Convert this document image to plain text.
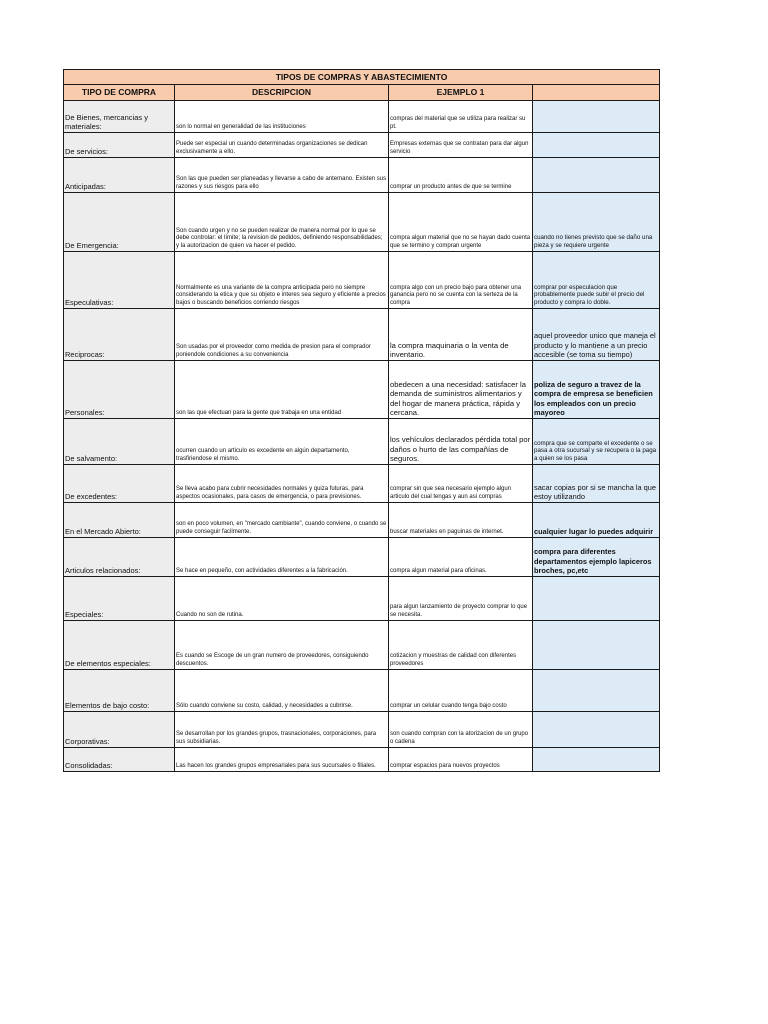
TIPOS DE COMPRAS Y ABASTECIMIENTO			
TIPO DE COMPRA	DESCRIPCION	EJEMPLO 1	
De Bienes, mercancias y materiales:	son lo normal en generalidad de las instituciones	compras del material que se utiliza para realizar su pt.	
De servicios:	Puede ser especial un cuando determinadas organizaciones se dedican exclusivamente a ello.	Empresas externas que se contratan para dar algun servicio	
Anticipadas:	Son las que pueden ser planeadas y llevarse a cabo de antemano. Existen sus razones y sus riesgos para ello	comprar un producto antes de que se termine	
De Emergencia:	Son cuando urgen y no se pueden realizar de manera normal por lo que se debe controlar: el límite; la revision de pedidos, definiendo responsabilidades; y la autorizacion de quien va hacer el pedido.	compra algun material que no se hayan dado cuenta que se termino y compran urgente	cuando no tienes previsto que se daño una pieza y se requiere urgente
Especulativas:	Normalmente es una variante de la compra anticipada pero no siempre considerando la etica y que su objeto e interes sea seguro y eficiente a precios bajos o buscando beneficios corriendo riesgos	compra algo con un precio bajo para obtener una ganancia pero no se cuenta con la serteza de la compra	comprar por especulacion que probablemente puede subir el precio del producto y compra lo doble.
Reciprocas:	Son usadas por el proveedor como medida de presion para el comprador poniendole condiciones a su conveniencia	la compra maquinaria o la venta de inventario.	aquel proveedor unico que maneja el producto y lo mantiene a un precio accesible (se toma su tiempo)
Personales:	son las que efectuan para la gente que trabaja en una entidad	obedecen a una necesidad: satisfacer la demanda de suministros alimentarios y del hogar de manera práctica, rápida y cercana.	poliza de seguro a travez de la compra de empresa se beneficien los empleados con un precio mayoreo
De salvamento:	ocurren cuando un articulo es excedente en algún departamento, trasfiriendose el mismo.	los vehículos declarados pérdida total por daños o hurto de las compañías de seguros.	compra que se comparte el excedente o se pasa a otra sucursal y se recupera o la paga a quien se los pasa
De excedentes:	Se lleva acabo para cubrir necesidades normales y quiza futuras, para aspectos ocasionales, para casos de emergencia, o para previsiones.	comprar sin que sea necesario ejemplo algun articulo del cual tengas y aun asi compras	sacar copias por si se mancha la que estoy utilizando
En el Mercado Abierto:	son en poco volumen, en "mercado cambiante", cuando conviene, o cuando se puede conseguir facilmente.	buscar materiales en paguinas de internet.	cualquier lugar lo puedes adquirir
Articulos relacionados:	Se hace en pequeño, con actividades diferentes a la fabricación.	compra algun material para oficinas.	compra para diferentes departamentos ejemplo lapiceros broches, pc,etc
Especiales:	Cuando no son de rutina.	para algun lanzamiento de proyecto comprar lo que se necesita.	
De elementos especiales:	Es cuando se Escoge de un gran numero de proveedores, consiguiendo descuentos.	cotizacion y muestras de calidad con diferentes proveedores	
Elementos de bajo costo:	Sólo cuando conviene su costo, calidad, y necesidades a cubrirse.	comprar un celular cuando tenga bajo costo	
Corporativas:	Se desarrollan por los grandes grupos, trasnacionales, corporaciones, para sus subsidiarias.	son cuando compran con la atorizacion de un grupo o cadena	
Consolidadas:	Las hacen los grandes grupos empresariales para sus sucursales o filiales.	comprar espacios para nuevos proyectos	
